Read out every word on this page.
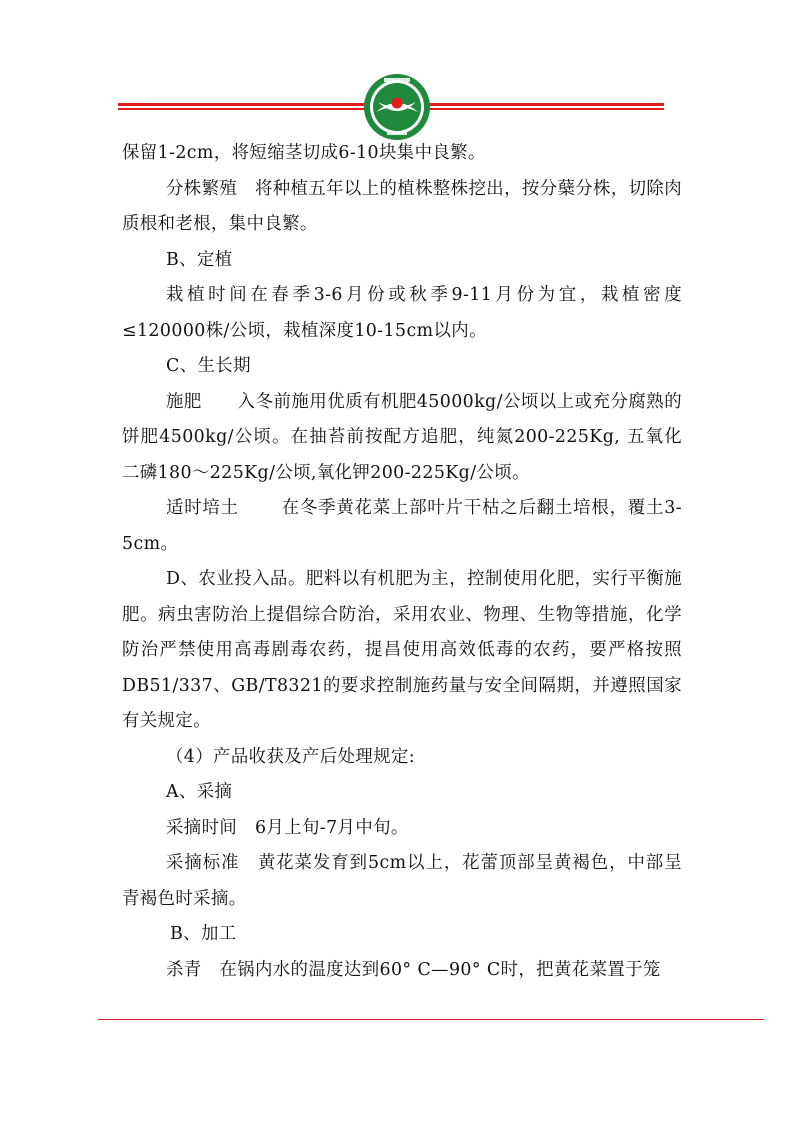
保留1-2cm，将短缩茎切成6-10块集中良繁。

分株繁殖　将种植五年以上的植株整株挖出，按分蘖分株，切除肉质根和老根，集中良繁。

B、定植

栽植时间在春季3-6月份或秋季9-11月份为宜，栽植密度≤120000株/公顷，栽植深度10-15cm以内。

C、生长期

施肥　　入冬前施用优质有机肥45000kg/公顷以上或充分腐熟的饼肥4500kg/公顷。在抽苔前按配方追肥，纯氮200-225Kg, 五氧化二磷180～225Kg/公顷,氧化钾200-225Kg/公顷。

适时培土　　 在冬季黄花菜上部叶片干枯之后翻土培根，覆土3-5cm。

D、农业投入品。肥料以有机肥为主，控制使用化肥，实行平衡施肥。病虫害防治上提倡综合防治，采用农业、物理、生物等措施，化学防治严禁使用高毒剧毒农药，提昌使用高效低毒的农药，要严格按照DB51/337、GB/T8321的要求控制施药量与安全间隔期，并遵照国家有关规定。

（4）产品收获及产后处理规定:

A、采摘

采摘时间　6月上旬-7月中旬。

采摘标准　黄花菜发育到5cm以上，花蕾顶部呈黄褐色，中部呈青褐色时采摘。

B、加工

杀青　在锅内水的温度达到60° C—90° C时，把黄花菜置于笼
